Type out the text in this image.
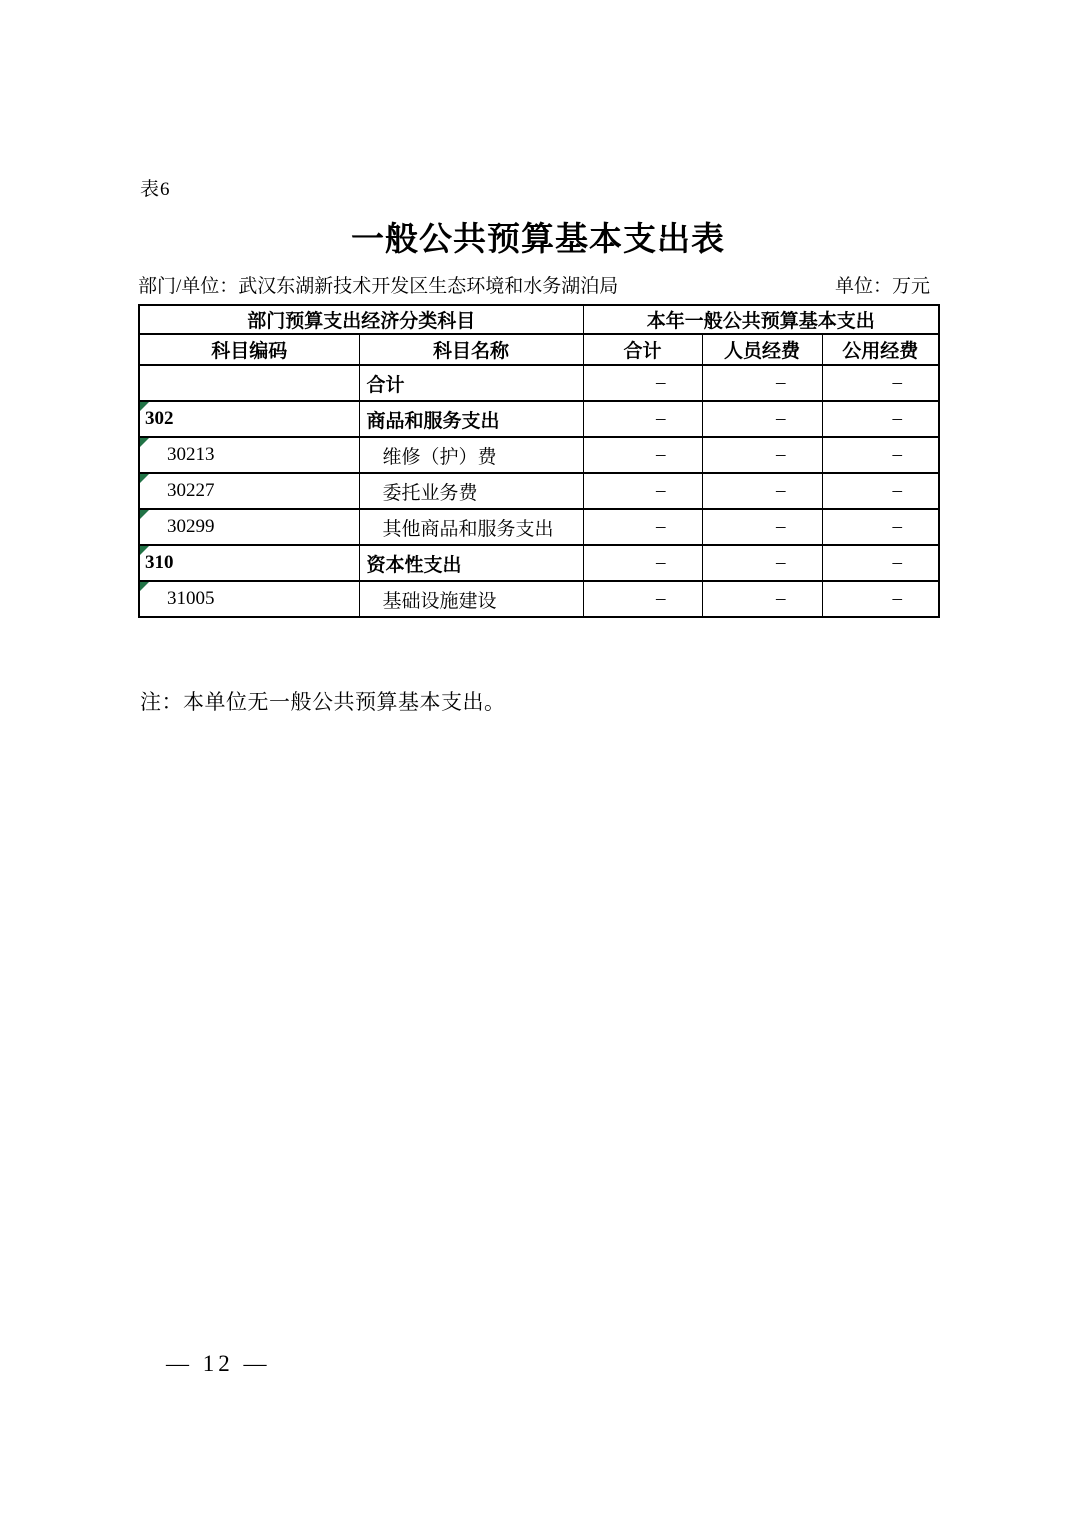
表6
一般公共预算基本支出表
部门/单位：武汉东湖新技术开发区生态环境和水务湖泊局	单位：万元
部门预算支出经济分类科目		本年一般公共预算基本支出		
科目编码	科目名称	合计	人员经费	公用经费
	合计	–	–	–

302	商品和服务支出	–	–	–

30213	维修（护）费	–	–	–

30227	委托业务费	–	–	–

30299	其他商品和服务支出	–	–	–

310	资本性支出	–	–	–

31005	基础设施建设	–	–	–
注：本单位无一般公共预算基本支出。
— 12 —
